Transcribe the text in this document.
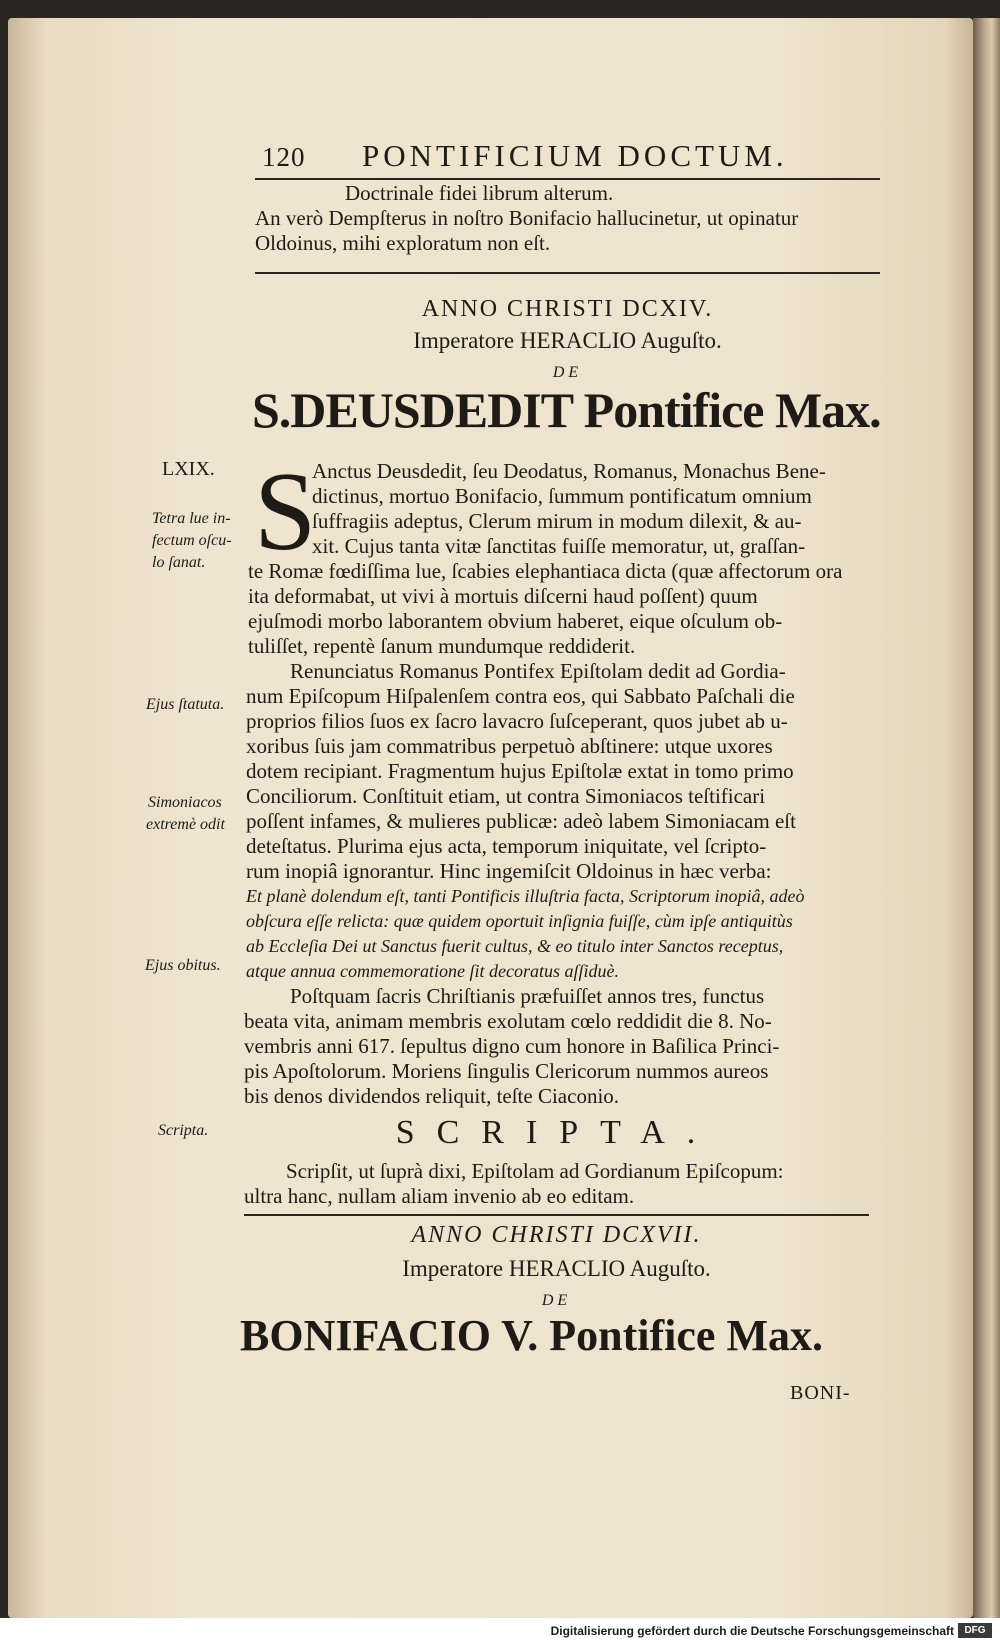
120 PONTIFICIUM DOCTUM.
Doctrinale fidei librum alterum.
An verò Dempſterus in noſtro Bonifacio hallucinetur, ut opinatur
Oldoinus, mihi exploratum non eſt.
ANNO CHRISTI DCXIV.
Imperatore HERACLIO Auguſto.
DE
S.DEUSDEDIT Pontifice Max.
LXIX.
Tetra lue in-
fectum oſcu-
lo ſanat.
Ejus ſtatuta.
Simoniacos
extremè odit
Ejus obitus.
Scripta.
S
Anctus Deusdedit, ſeu Deodatus, Romanus, Monachus Bene-
dictinus, mortuo Bonifacio, ſummum pontificatum omnium
ſuffragiis adeptus, Clerum mirum in modum dilexit, & au-
xit. Cujus tanta vitæ ſanctitas fuiſſe memoratur, ut, graſſan-
te Romæ fœdiſſima lue, ſcabies elephantiaca dicta (quæ affectorum ora
ita deformabat, ut vivi à mortuis diſcerni haud poſſent) quum
ejuſmodi morbo laborantem obvium haberet, eique oſculum ob-
tuliſſet, repentè ſanum mundumque reddiderit.
Renunciatus Romanus Pontifex Epiſtolam dedit ad Gordia-
num Epiſcopum Hiſpalenſem contra eos, qui Sabbato Paſchali die
proprios filios ſuos ex ſacro lavacro ſuſceperant, quos jubet ab u-
xoribus ſuis jam commatribus perpetuò abſtinere: utque uxores
dotem recipiant. Fragmentum hujus Epiſtolæ extat in tomo primo
Conciliorum. Conſtituit etiam, ut contra Simoniacos teſtificari
poſſent infames, & mulieres publicæ: adeò labem Simoniacam eſt
deteſtatus. Plurima ejus acta, temporum iniquitate, vel ſcripto-
rum inopiâ ignorantur. Hinc ingemiſcit Oldoinus in hæc verba:
Et planè dolendum eſt, tanti Pontificis illuſtria facta, Scriptorum inopiâ, adeò
obſcura eſſe relicta: quæ quidem oportuit inſignia fuiſſe, cùm ipſe antiquitùs
ab Eccleſia Dei ut Sanctus fuerit cultus, & eo titulo inter Sanctos receptus,
atque annua commemoratione ſit decoratus aſſiduè.
Poſtquam ſacris Chriſtianis præfuiſſet annos tres, functus
beata vita, animam membris exolutam cœlo reddidit die 8. No-
vembris anni 617. ſepultus digno cum honore in Baſilica Princi-
pis Apoſtolorum. Moriens ſingulis Clericorum nummos aureos
bis denos dividendos reliquit, teſte Ciaconio.
SCRIPTA.
Scripſit, ut ſuprà dixi, Epiſtolam ad Gordianum Epiſcopum:
ultra hanc, nullam aliam invenio ab eo editam.
ANNO CHRISTI DCXVII.
Imperatore HERACLIO Auguſto.
DE
BONIFACIO V. Pontifice Max.
BONI-
Digitalisierung gefördert durch die Deutsche Forschungsgemeinschaft	DFG
